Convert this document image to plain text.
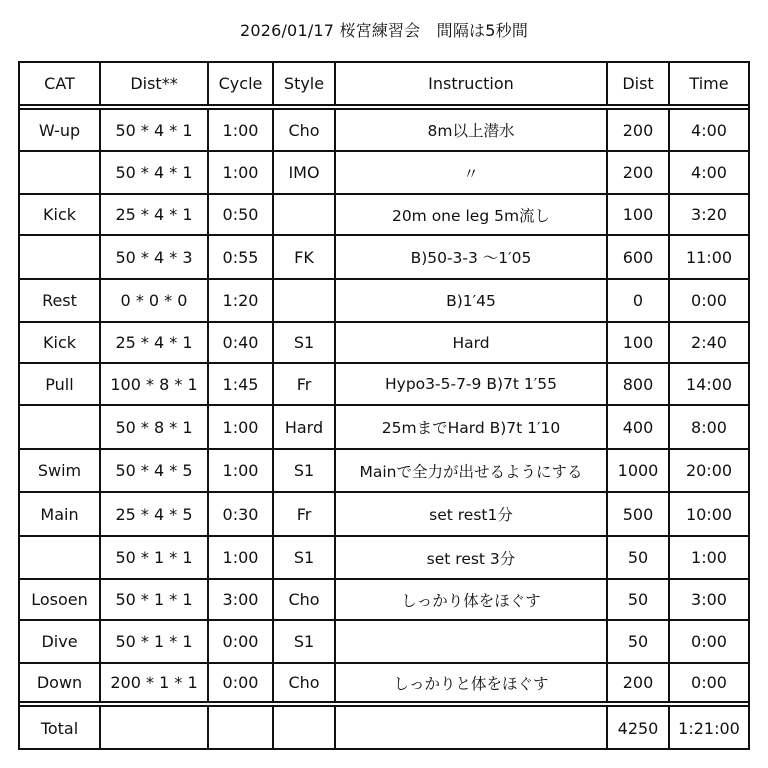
2026/01/17 桜宮練習会　間隔は5秒間
CAT	Dist**	Cycle	Style	Instruction	Dist	Time
W-up	50 * 4 * 1	1:00	Cho	8m以上潜水	200	4:00
	50 * 4 * 1	1:00	IMO	〃	200	4:00
Kick	25 * 4 * 1	0:50		20m one leg 5m流し	100	3:20
	50 * 4 * 3	0:55	FK	B)50-3-3 〜1′05	600	11:00
Rest	0 * 0 * 0	1:20		B)1′45	0	0:00
Kick	25 * 4 * 1	0:40	S1	Hard	100	2:40
Pull	100 * 8 * 1	1:45	Fr	Hypo3-5-7-9 B)7t 1′55	800	14:00
	50 * 8 * 1	1:00	Hard	25mまでHard B)7t 1′10	400	8:00
Swim	50 * 4 * 5	1:00	S1	Mainで全力が出せるようにする	1000	20:00
Main	25 * 4 * 5	0:30	Fr	set rest1分	500	10:00
	50 * 1 * 1	1:00	S1	set rest 3分	50	1:00
Losoen	50 * 1 * 1	3:00	Cho	しっかり体をほぐす	50	3:00
Dive	50 * 1 * 1	0:00	S1		50	0:00
Down	200 * 1 * 1	0:00	Cho	しっかりと体をほぐす	200	0:00
Total					4250	1:21:00
